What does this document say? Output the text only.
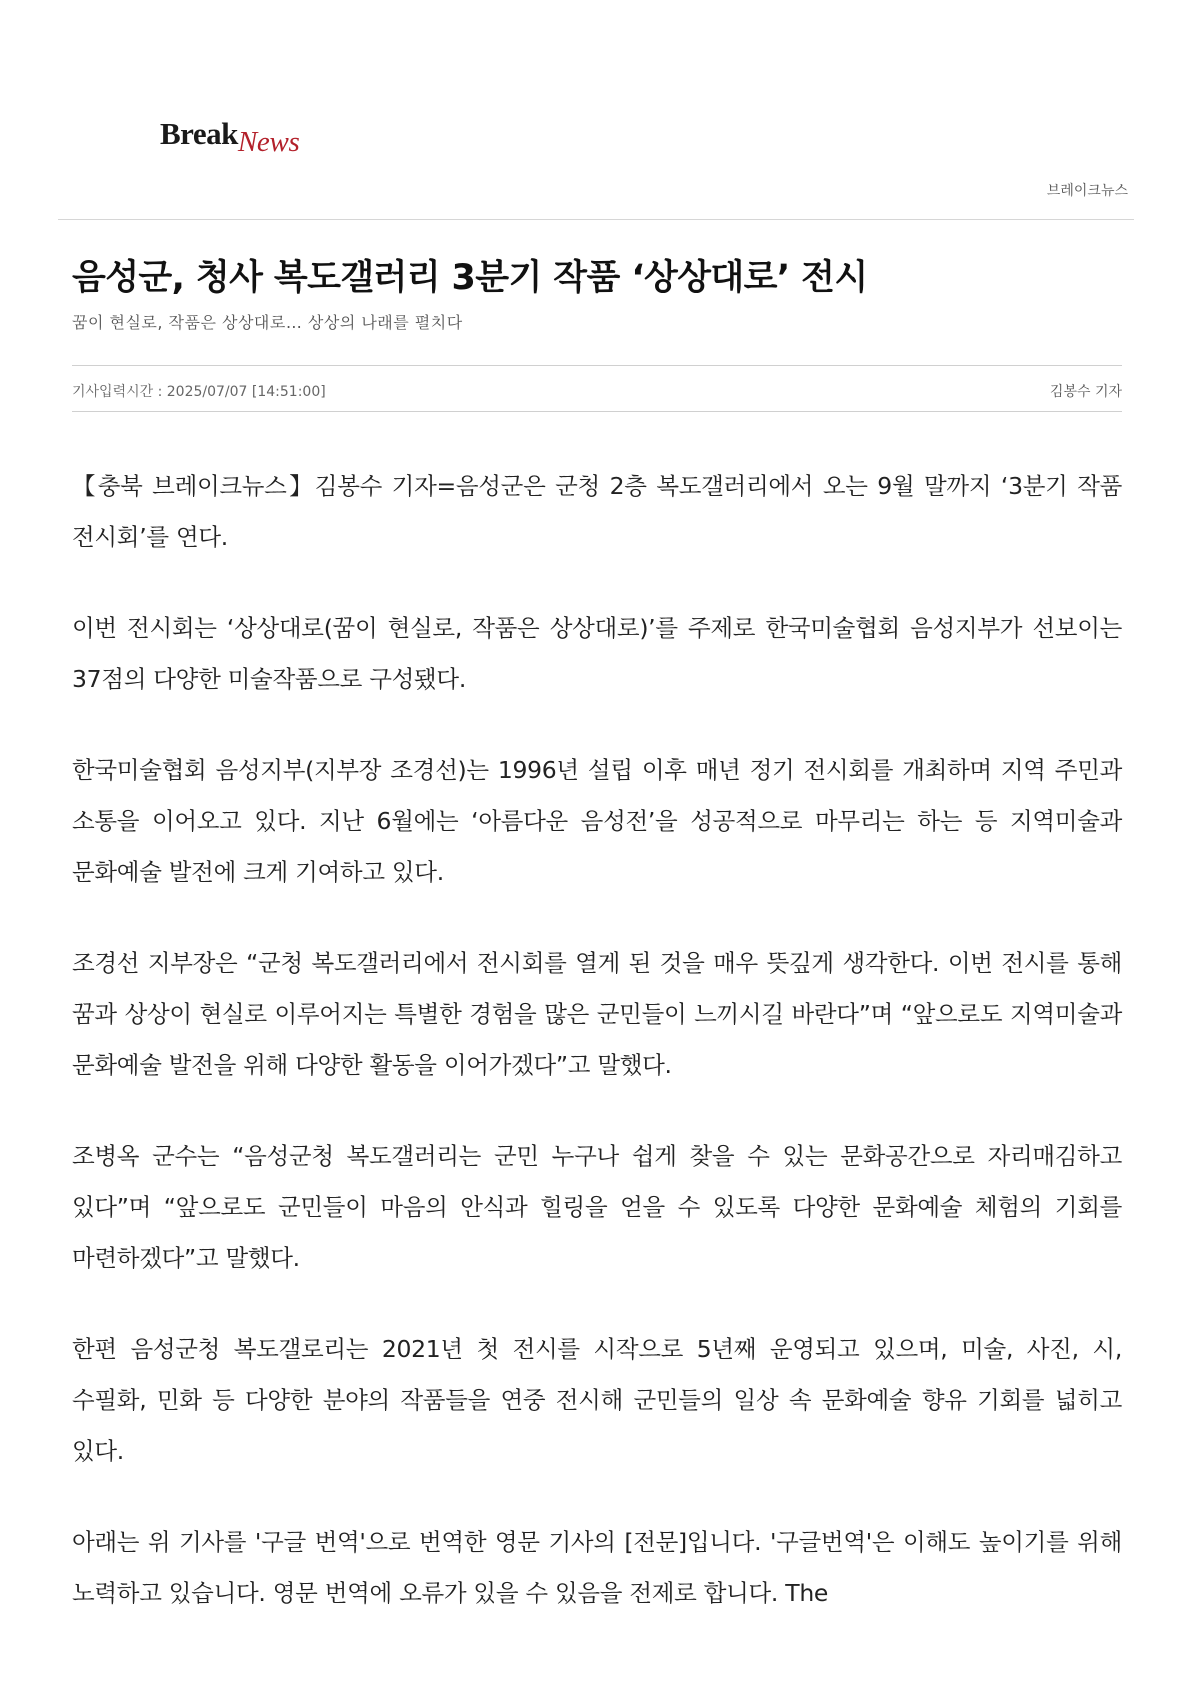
BreakNews
브레이크뉴스
음성군, 청사 복도갤러리 3분기 작품 ‘상상대로’ 전시
꿈이 현실로, 작품은 상상대로… 상상의 나래를 펼치다
기사입력시간 : 2025/07/07 [14:51:00]	김봉수 기자

【충북 브레이크뉴스】김봉수 기자=음성군은 군청 2층 복도갤러리에서 오는 9월 말까지 ‘3분기 작품 전시회’를 연다.

이번 전시회는 ‘상상대로(꿈이 현실로, 작품은 상상대로)’를 주제로 한국미술협회 음성지부가 선보이는 37점의 다양한 미술작품으로 구성됐다.

한국미술협회 음성지부(지부장 조경선)는 1996년 설립 이후 매년 정기 전시회를 개최하며 지역 주민과 소통을 이어오고 있다. 지난 6월에는 ‘아름다운 음성전’을 성공적으로 마무리는 하는 등 지역미술과 문화예술 발전에 크게 기여하고 있다.

조경선 지부장은 “군청 복도갤러리에서 전시회를 열게 된 것을 매우 뜻깊게 생각한다. 이번 전시를 통해 꿈과 상상이 현실로 이루어지는 특별한 경험을 많은 군민들이 느끼시길 바란다”며 “앞으로도 지역미술과 문화예술 발전을 위해 다양한 활동을 이어가겠다”고 말했다.

조병옥 군수는 “음성군청 복도갤러리는 군민 누구나 쉽게 찾을 수 있는 문화공간으로 자리매김하고 있다”며 “앞으로도 군민들이 마음의 안식과 힐링을 얻을 수 있도록 다양한 문화예술 체험의 기회를 마련하겠다”고 말했다.

한편 음성군청 복도갤로리는 2021년 첫 전시를 시작으로 5년째 운영되고 있으며, 미술, 사진, 시, 수필화, 민화 등 다양한 분야의 작품들을 연중 전시해 군민들의 일상 속 문화예술 향유 기회를 넓히고 있다.

아래는 위 기사를 '구글 번역'으로 번역한 영문 기사의 [전문]입니다. '구글번역'은 이해도 높이기를 위해 노력하고 있습니다. 영문 번역에 오류가 있을 수 있음을 전제로 합니다. The
